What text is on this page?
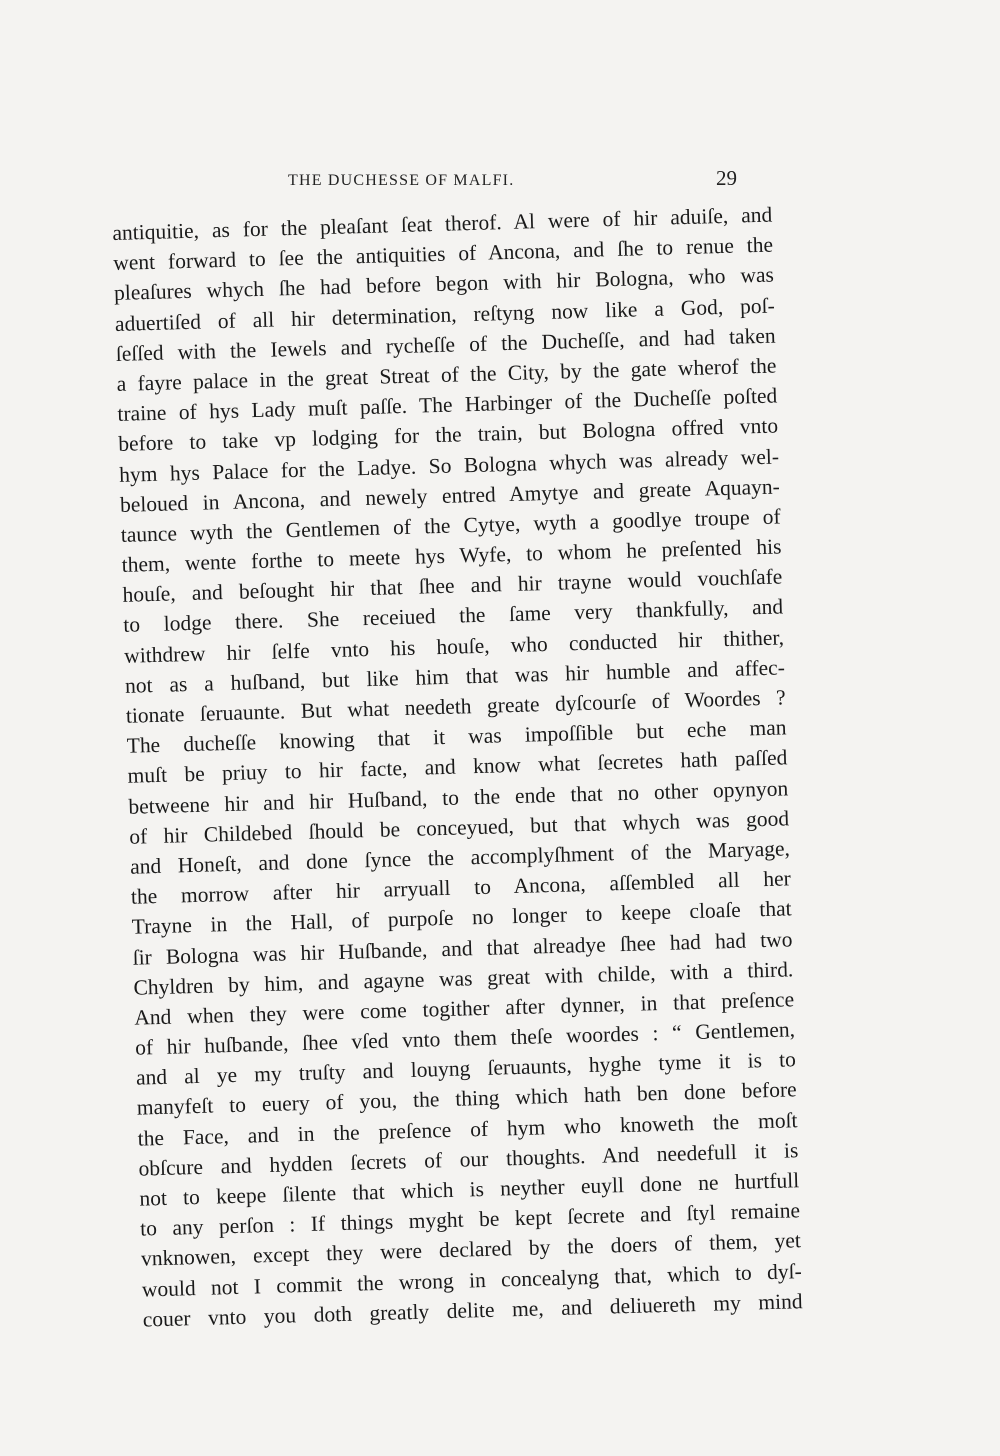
THE DUCHESSE OF MALFI.	29
antiquitie, as for the pleaſant ſeat therof. Al were of hir aduiſe, and
went forward to ſee the antiquities of Ancona, and ſhe to renue the
pleaſures whych ſhe had before begon with hir Bologna, who was
aduertiſed of all hir determination, reſtyng now like a God, poſ-
ſeſſed with the Iewels and rycheſſe of the Ducheſſe, and had taken
a fayre palace in the great Streat of the City, by the gate wherof the
traine of hys Lady muſt paſſe. The Harbinger of the Ducheſſe poſted
before to take vp lodging for the train, but Bologna offred vnto
hym hys Palace for the Ladye. So Bologna whych was already wel-
beloued in Ancona, and newely entred Amytye and greate Aquayn-
taunce wyth the Gentlemen of the Cytye, wyth a goodlye troupe of
them, wente forthe to meete hys Wyfe, to whom he preſented his
houſe, and beſought hir that ſhee and hir trayne would vouchſafe
to lodge there. She receiued the ſame very thankfully, and
withdrew hir ſelfe vnto his houſe, who conducted hir thither,
not as a huſband, but like him that was hir humble and affec-
tionate ſeruaunte. But what needeth greate dyſcourſe of Woordes ?
The ducheſſe knowing that it was impoſſible but eche man
muſt be priuy to hir facte, and know what ſecretes hath paſſed
betweene hir and hir Huſband, to the ende that no other opynyon
of hir Childebed ſhould be conceyued, but that whych was good
and Honeſt, and done ſynce the accomplyſhment of the Maryage,
the morrow after hir arryuall to Ancona, aſſembled all her
Trayne in the Hall, of purpoſe no longer to keepe cloaſe that
ſir Bologna was hir Huſbande, and that alreadye ſhee had had two
Chyldren by him, and agayne was great with childe, with a third.
And when they were come togither after dynner, in that preſence
of hir huſbande, ſhee vſed vnto them theſe woordes : “ Gentlemen,
and al ye my truſty and louyng ſeruaunts, hyghe tyme it is to
manyfeſt to euery of you, the thing which hath ben done before
the Face, and in the preſence of hym who knoweth the moſt
obſcure and hydden ſecrets of our thoughts. And needefull it is
not to keepe ſilente that which is neyther euyll done ne hurtfull
to any perſon : If things myght be kept ſecrete and ſtyl remaine
vnknowen, except they were declared by the doers of them, yet
would not I commit the wrong in concealyng that, which to dyſ-
couer vnto you doth greatly delite me, and deliuereth my mind
